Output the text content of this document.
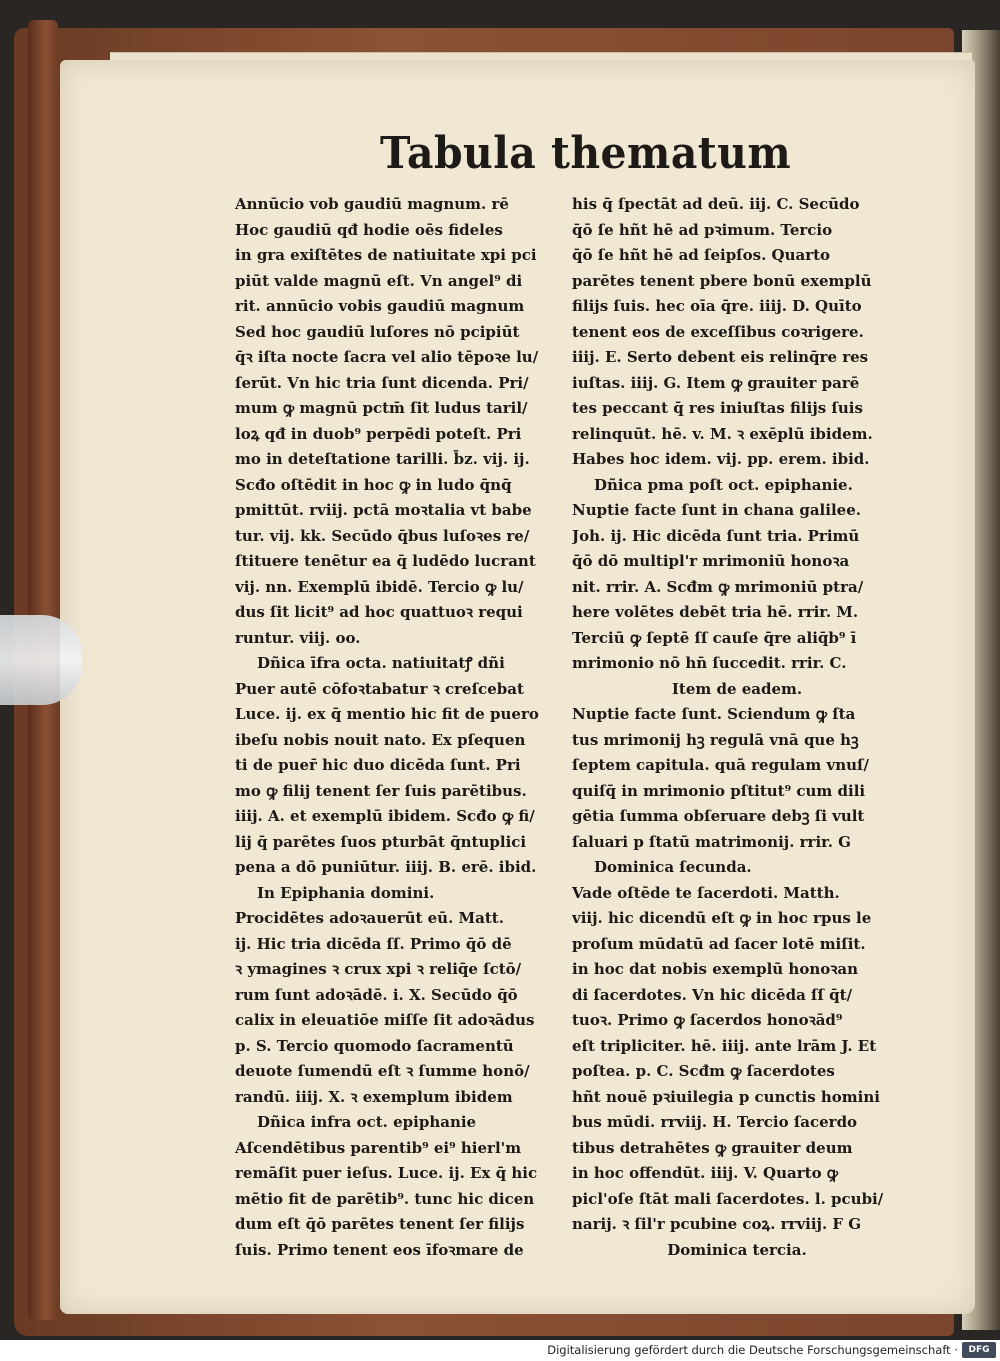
Tabula thematum
Annūcio vob gaudiū magnum. rē
Hoc gaudiū qđ hodie oēs fideles
in gra exiſtētes de natiuitate xpi pci
piūt valde magnū eſt. Vn angel⁹ di
rit. annūcio vobis gaudiū magnum
Sed hoc gaudiū luſores nō pcipiūt
q̄ꝛ iſta nocte ſacra vel alio tēpoꝛe lu/
ſerūt. Vn hic tria ſunt dicenda. Pri/
mum ꝙ magnū pctm̄ ſit ludus taril/
loꝝ qđ in duob⁹ perpēdi poteſt. Pri
mo in deteſtatione tarilli. b̄z. vij. ij.
Scđo oſtēdit in hoc ꝙ in ludo q̄nq̄
pmittūt. rviij. pctā moꝛtalia vt babe
tur. vij. kk. Secūdo q̄bus luſoꝛes re/
ſtituere tenētur ea q̄ ludēdo lucrant
vij. nn. Exemplū ibidē. Tercio ꝙ lu/
dus ſit licit⁹ ad hoc quattuoꝛ requi
runtur. viij. oo.
Dñica īfra octa. natiuitatꝭ dñi
Puer autē cōfoꝛtabatur ꝛ creſcebat
Luce. ij. ex q̄ mentio hic fit de puero
ibeſu nobis nouit nato. Ex pſequen
ti de puer̄ hic duo dicēda ſunt. Pri
mo ꝙ filij tenent ſer ſuis parētibus.
iiij. A. et exemplū ibidem. Scđo ꝙ fi/
lij q̄ parētes ſuos pturbāt q̄ntuplici
pena a dō puniūtur. iiij. B. erē. ibid.
In Epiphania domini.
Procidētes adoꝛauerūt eū. Matt.
ij. Hic tria dicēda ſſ. Primo q̄ō dē
ꝛ ymagines ꝛ crux xpi ꝛ reliq̄e ſctō/
rum ſunt adoꝛādē. i. X. Secūdo q̄ō
calix in eleuatiōe miſſe ſit adoꝛādus
p. S. Tercio quomodo ſacramentū
deuote ſumendū eſt ꝛ ſumme honō/
randū. iiij. X. ꝛ exemplum ibidem
Dñica infra oct. epiphanie
Aſcendētibus parentib⁹ ei⁹ hierl'm
remāſit puer ieſus. Luce. ij. Ex q̄ hic
mētio fit de parētib⁹. tunc hic dicen
dum eſt q̄ō parētes tenent ſer filijs
ſuis. Primo tenent eos īfoꝛmare de
his q̄ ſpectāt ad deū. iij. C. Secūdo
q̄ō ſe hñt hē ad pꝛimum. Tercio
q̄ō ſe hñt hē ad ſeipſos. Quarto
parētes tenent pbere bonū exemplū
filijs ſuis. hec oīa q̄re. iiij. D. Quīto
tenent eos de exceſſibus coꝛrigere.
iiij. E. Serto debent eis relinq̄re res
iuſtas. iiij. G. Item ꝙ grauiter parē
tes peccant q̄ res iniuſtas filijs ſuis
relinquūt. hē. v. M. ꝛ exēplū ibidem.
Habes hoc idem. vij. pp. erem. ibid.
Dñica pma poſt oct. epiphanie.
Nuptie facte ſunt in chana galilee.
Joh. ij. Hic dicēda ſunt tria. Primū
q̄ō dō multipl'r mrimoniū honoꝛa
nit. rrir. A. Scđm ꝙ mrimoniū ptra/
here volētes debēt tria hē. rrir. M.
Terciū ꝙ ſeptē ſſ cauſe q̄re aliq̄b⁹ ī
mrimonio nō hn̄ ſuccedit. rrir. C.
Item de eadem.
Nuptie facte ſunt. Sciendum ꝙ ſta
tus mrimonij hꝫ regulā vnā que hꝫ
ſeptem capitula. quā regulam vnuſ/
quiſq̄ in mrimonio pſtitut⁹ cum dili
gētia ſumma obſeruare debꝫ ſi vult
ſaluari p ſtatū matrimonij. rrir. G
Dominica ſecunda.
Vade oſtēde te ſacerdoti. Matth.
viij. hic dicendū eſt ꝙ in hoc rpus le
proſum mūdatū ad ſacer lotē miſit.
in hoc dat nobis exemplū honoꝛan
di ſacerdotes. Vn hic dicēda ſſ q̄t/
tuoꝛ. Primo ꝙ ſacerdos honoꝛād⁹
eſt tripliciter. hē. iiij. ante lrām J. Et
poſtea. p. C. Scđm ꝙ ſacerdotes
hñt nouē pꝛiuilegia p cunctis homini
bus mūdi. rrviij. H. Tercio ſacerdo
tibus detrahētes ꝙ grauiter deum
in hoc offendūt. iiij. V. Quarto ꝙ
picl'oſe ſtāt mali ſacerdotes. l. pcubi/
narij. ꝛ ſil'r pcubine coꝝ. rrviij. F G
Dominica tercia.
Digitalisierung gefördert durch die Deutsche Forschungsgemeinschaft ·	DFG
